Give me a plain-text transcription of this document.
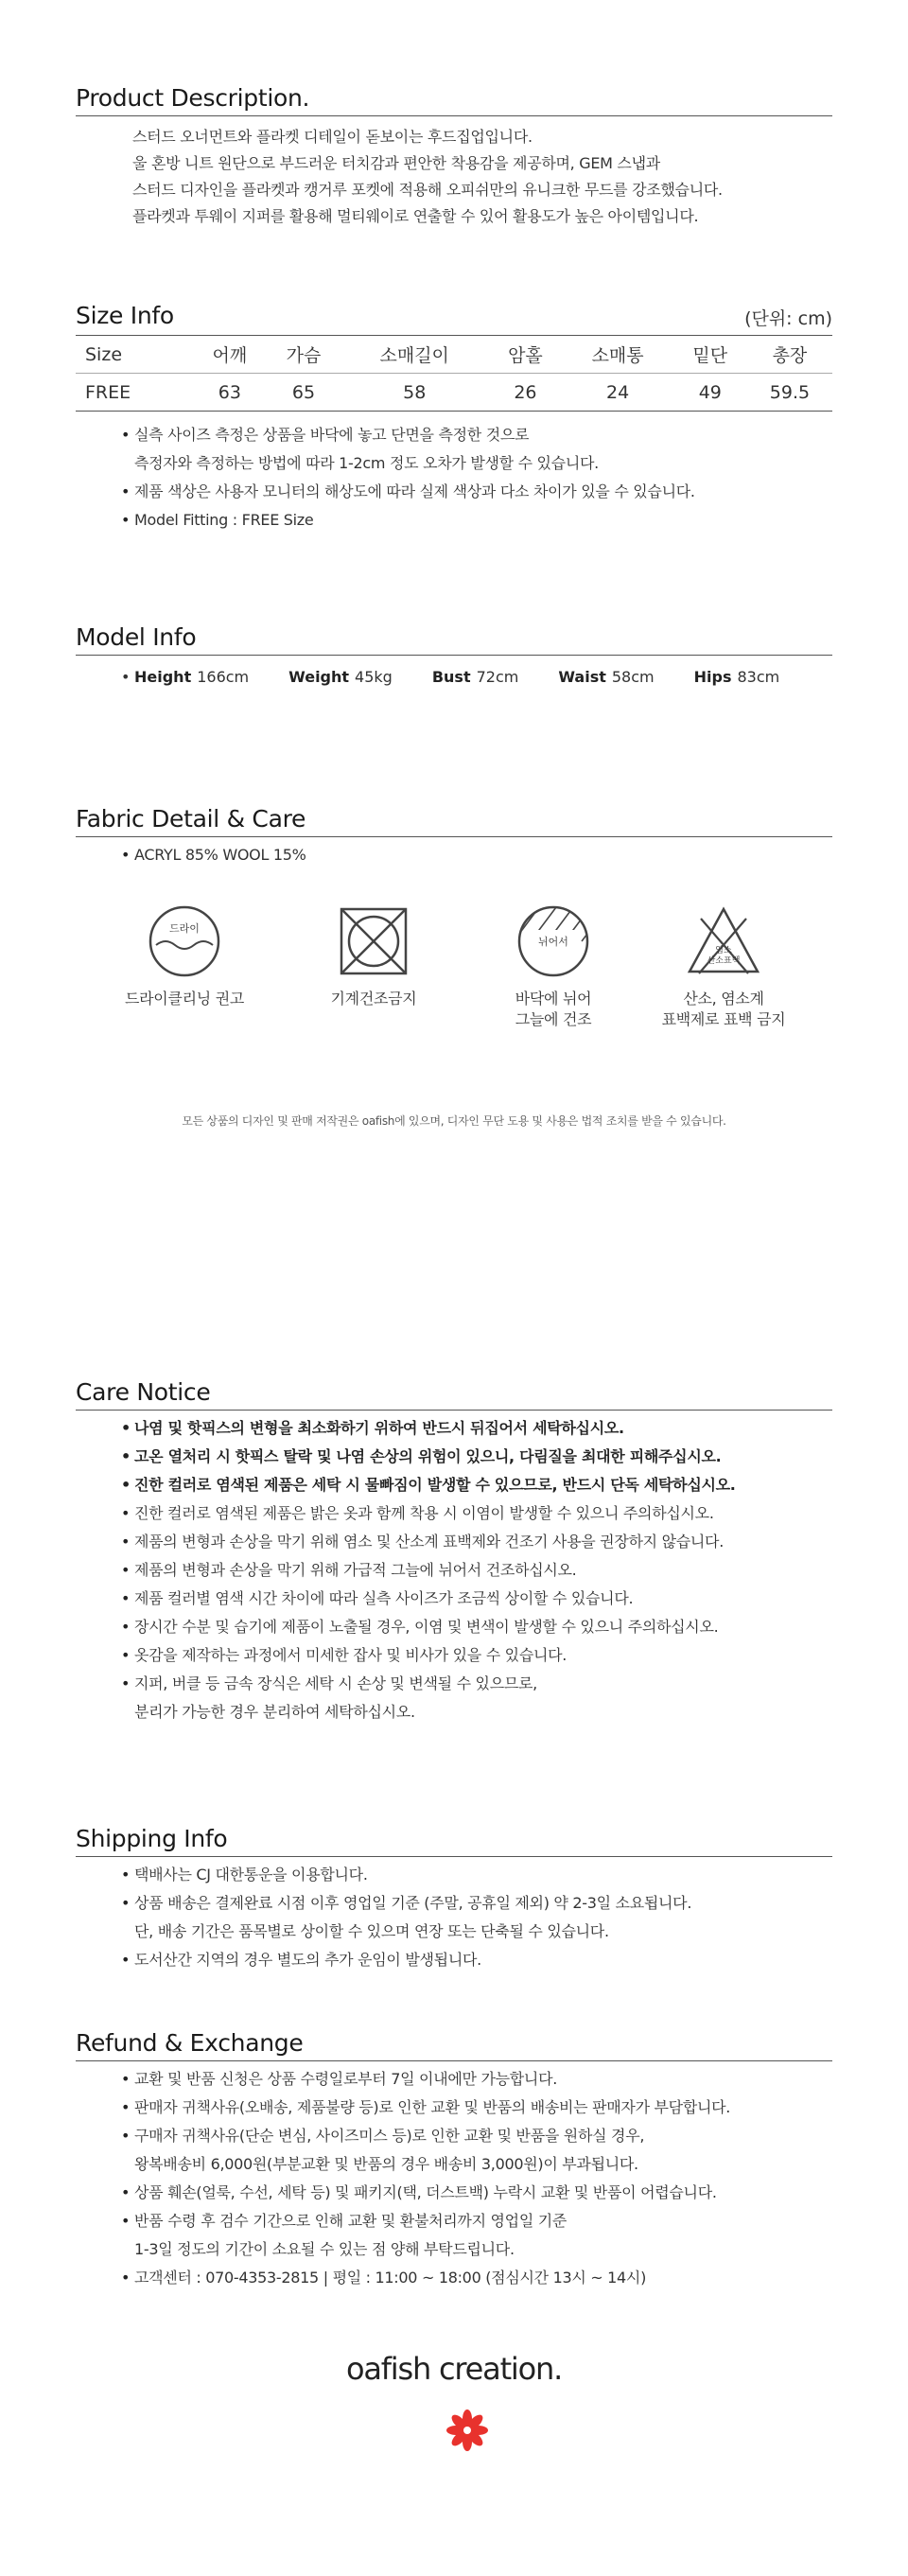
Product Description.
스터드 오너먼트와 플라켓 디테일이 돋보이는 후드집업입니다.
울 혼방 니트 원단으로 부드러운 터치감과 편안한 착용감을 제공하며, GEM 스냅과
스터드 디자인을 플라켓과 캥거루 포켓에 적용해 오피쉬만의 유니크한 무드를 강조했습니다.
플라켓과 투웨이 지퍼를 활용해 멀티웨이로 연출할 수 있어 활용도가 높은 아이템입니다.
Size Info	(단위: cm)
Size	어깨	가슴	소매길이	암홀	소매통	밑단	총장
FREE	63	65	58	26	24	49	59.5
• 실측 사이즈 측정은 상품을 바닥에 놓고 단면을 측정한 것으로
측정자와 측정하는 방법에 따라 1-2cm 정도 오차가 발생할 수 있습니다.
• 제품 색상은 사용자 모니터의 해상도에 따라 실제 색상과 다소 차이가 있을 수 있습니다.
• Model Fitting : FREE Size
Model Info
• Height 166cm	Weight 45kg	Bust 72cm	Waist 58cm	Hips 83cm
Fabric Detail & Care
• ACRYL 85% WOOL 15%
드라이
드라이클리닝 권고	기계건조금지
뉘어서
바닥에 뉘어
그늘에 건조
염소
산소표백
산소, 염소계
표백제로 표백 금지
모든 상품의 디자인 및 판매 저작권은 oafish에 있으며, 디자인 무단 도용 및 사용은 법적 조치를 받을 수 있습니다.
Care Notice
• 나염 및 핫픽스의 변형을 최소화하기 위하여 반드시 뒤집어서 세탁하십시오.
• 고온 열처리 시 핫픽스 탈락 및 나염 손상의 위험이 있으니, 다림질을 최대한 피해주십시오.
• 진한 컬러로 염색된 제품은 세탁 시 물빠짐이 발생할 수 있으므로, 반드시 단독 세탁하십시오.
• 진한 컬러로 염색된 제품은 밝은 옷과 함께 착용 시 이염이 발생할 수 있으니 주의하십시오.
• 제품의 변형과 손상을 막기 위해 염소 및 산소계 표백제와 건조기 사용을 권장하지 않습니다.
• 제품의 변형과 손상을 막기 위해 가급적 그늘에 뉘어서 건조하십시오.
• 제품 컬러별 염색 시간 차이에 따라 실측 사이즈가 조금씩 상이할 수 있습니다.
• 장시간 수분 및 습기에 제품이 노출될 경우, 이염 및 변색이 발생할 수 있으니 주의하십시오.
• 옷감을 제작하는 과정에서 미세한 잡사 및 비사가 있을 수 있습니다.
• 지퍼, 버클 등 금속 장식은 세탁 시 손상 및 변색될 수 있으므로,
분리가 가능한 경우 분리하여 세탁하십시오.
Shipping Info
• 택배사는 CJ 대한통운을 이용합니다.
• 상품 배송은 결제완료 시점 이후 영업일 기준 (주말, 공휴일 제외) 약 2-3일 소요됩니다.
단, 배송 기간은 품목별로 상이할 수 있으며 연장 또는 단축될 수 있습니다.
• 도서산간 지역의 경우 별도의 추가 운임이 발생됩니다.
Refund & Exchange
• 교환 및 반품 신청은 상품 수령일로부터 7일 이내에만 가능합니다.
• 판매자 귀책사유(오배송, 제품불량 등)로 인한 교환 및 반품의 배송비는 판매자가 부담합니다.
• 구매자 귀책사유(단순 변심, 사이즈미스 등)로 인한 교환 및 반품을 원하실 경우,
왕복배송비 6,000원(부분교환 및 반품의 경우 배송비 3,000원)이 부과됩니다.
• 상품 훼손(얼룩, 수선, 세탁 등) 및 패키지(택, 더스트백) 누락시 교환 및 반품이 어렵습니다.
• 반품 수령 후 검수 기간으로 인해 교환 및 환불처리까지 영업일 기준
1-3일 정도의 기간이 소요될 수 있는 점 양해 부탁드립니다.
• 고객센터 : 070-4353-2815 | 평일 : 11:00 ~ 18:00 (점심시간 13시 ~ 14시)
oafish creation.
